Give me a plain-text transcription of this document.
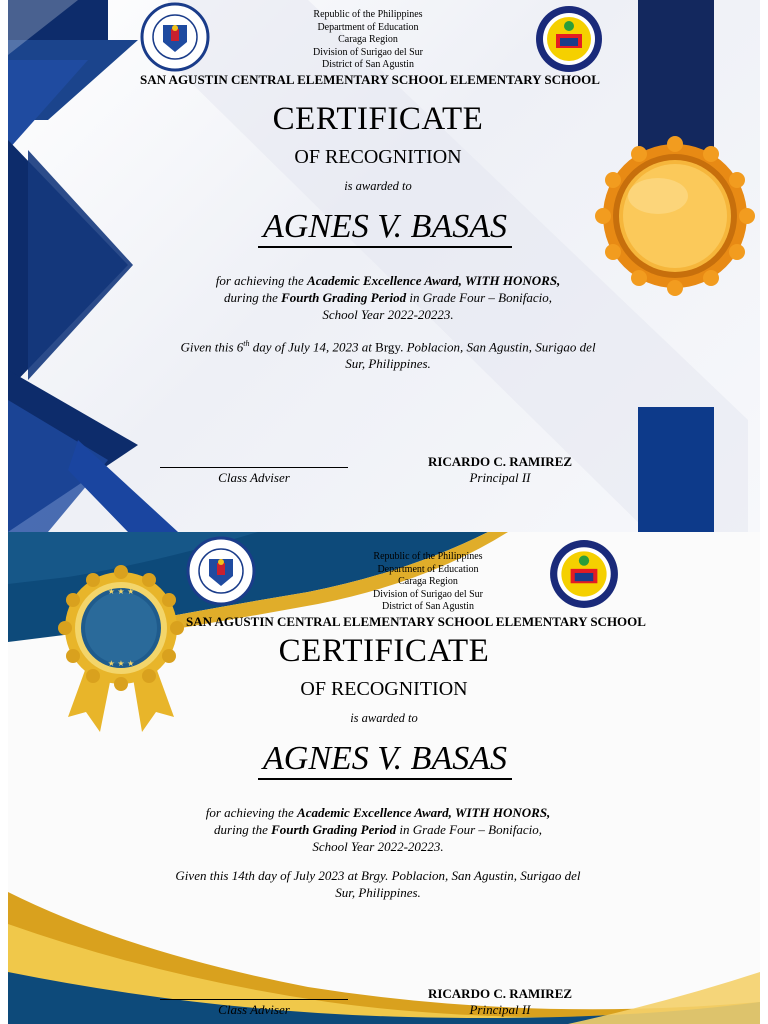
Republic of the Philippines
Department of Education
Caraga Region
Division of Surigao del Sur
District of San Agustin
SAN AGUSTIN CENTRAL ELEMENTARY SCHOOL ELEMENTARY SCHOOL
CERTIFICATE
OF RECOGNITION
is awarded to
AGNES V. BASAS
for achieving the Academic Excellence Award, WITH HONORS,
during the Fourth Grading Period in Grade Four – Bonifacio,
School Year 2022-20223.
Given this 6th day of July 14, 2023 at Brgy. Poblacion, San Agustin, Surigao del
Sur, Philippines.
Class Adviser
RICARDO C. RAMIREZ
Principal II
★ ★ ★
★ ★ ★
Republic of the Philippines
Department of Education
Caraga Region
Division of Surigao del Sur
District of San Agustin
SAN AGUSTIN CENTRAL ELEMENTARY SCHOOL ELEMENTARY SCHOOL
CERTIFICATE
OF RECOGNITION
is awarded to
AGNES V. BASAS
for achieving the Academic Excellence Award, WITH HONORS,
during the Fourth Grading Period in Grade Four – Bonifacio,
School Year 2022-20223.
Given this 14th day of July 2023 at Brgy. Poblacion, San Agustin, Surigao del
Sur, Philippines.
Class Adviser
RICARDO C. RAMIREZ
Principal II
